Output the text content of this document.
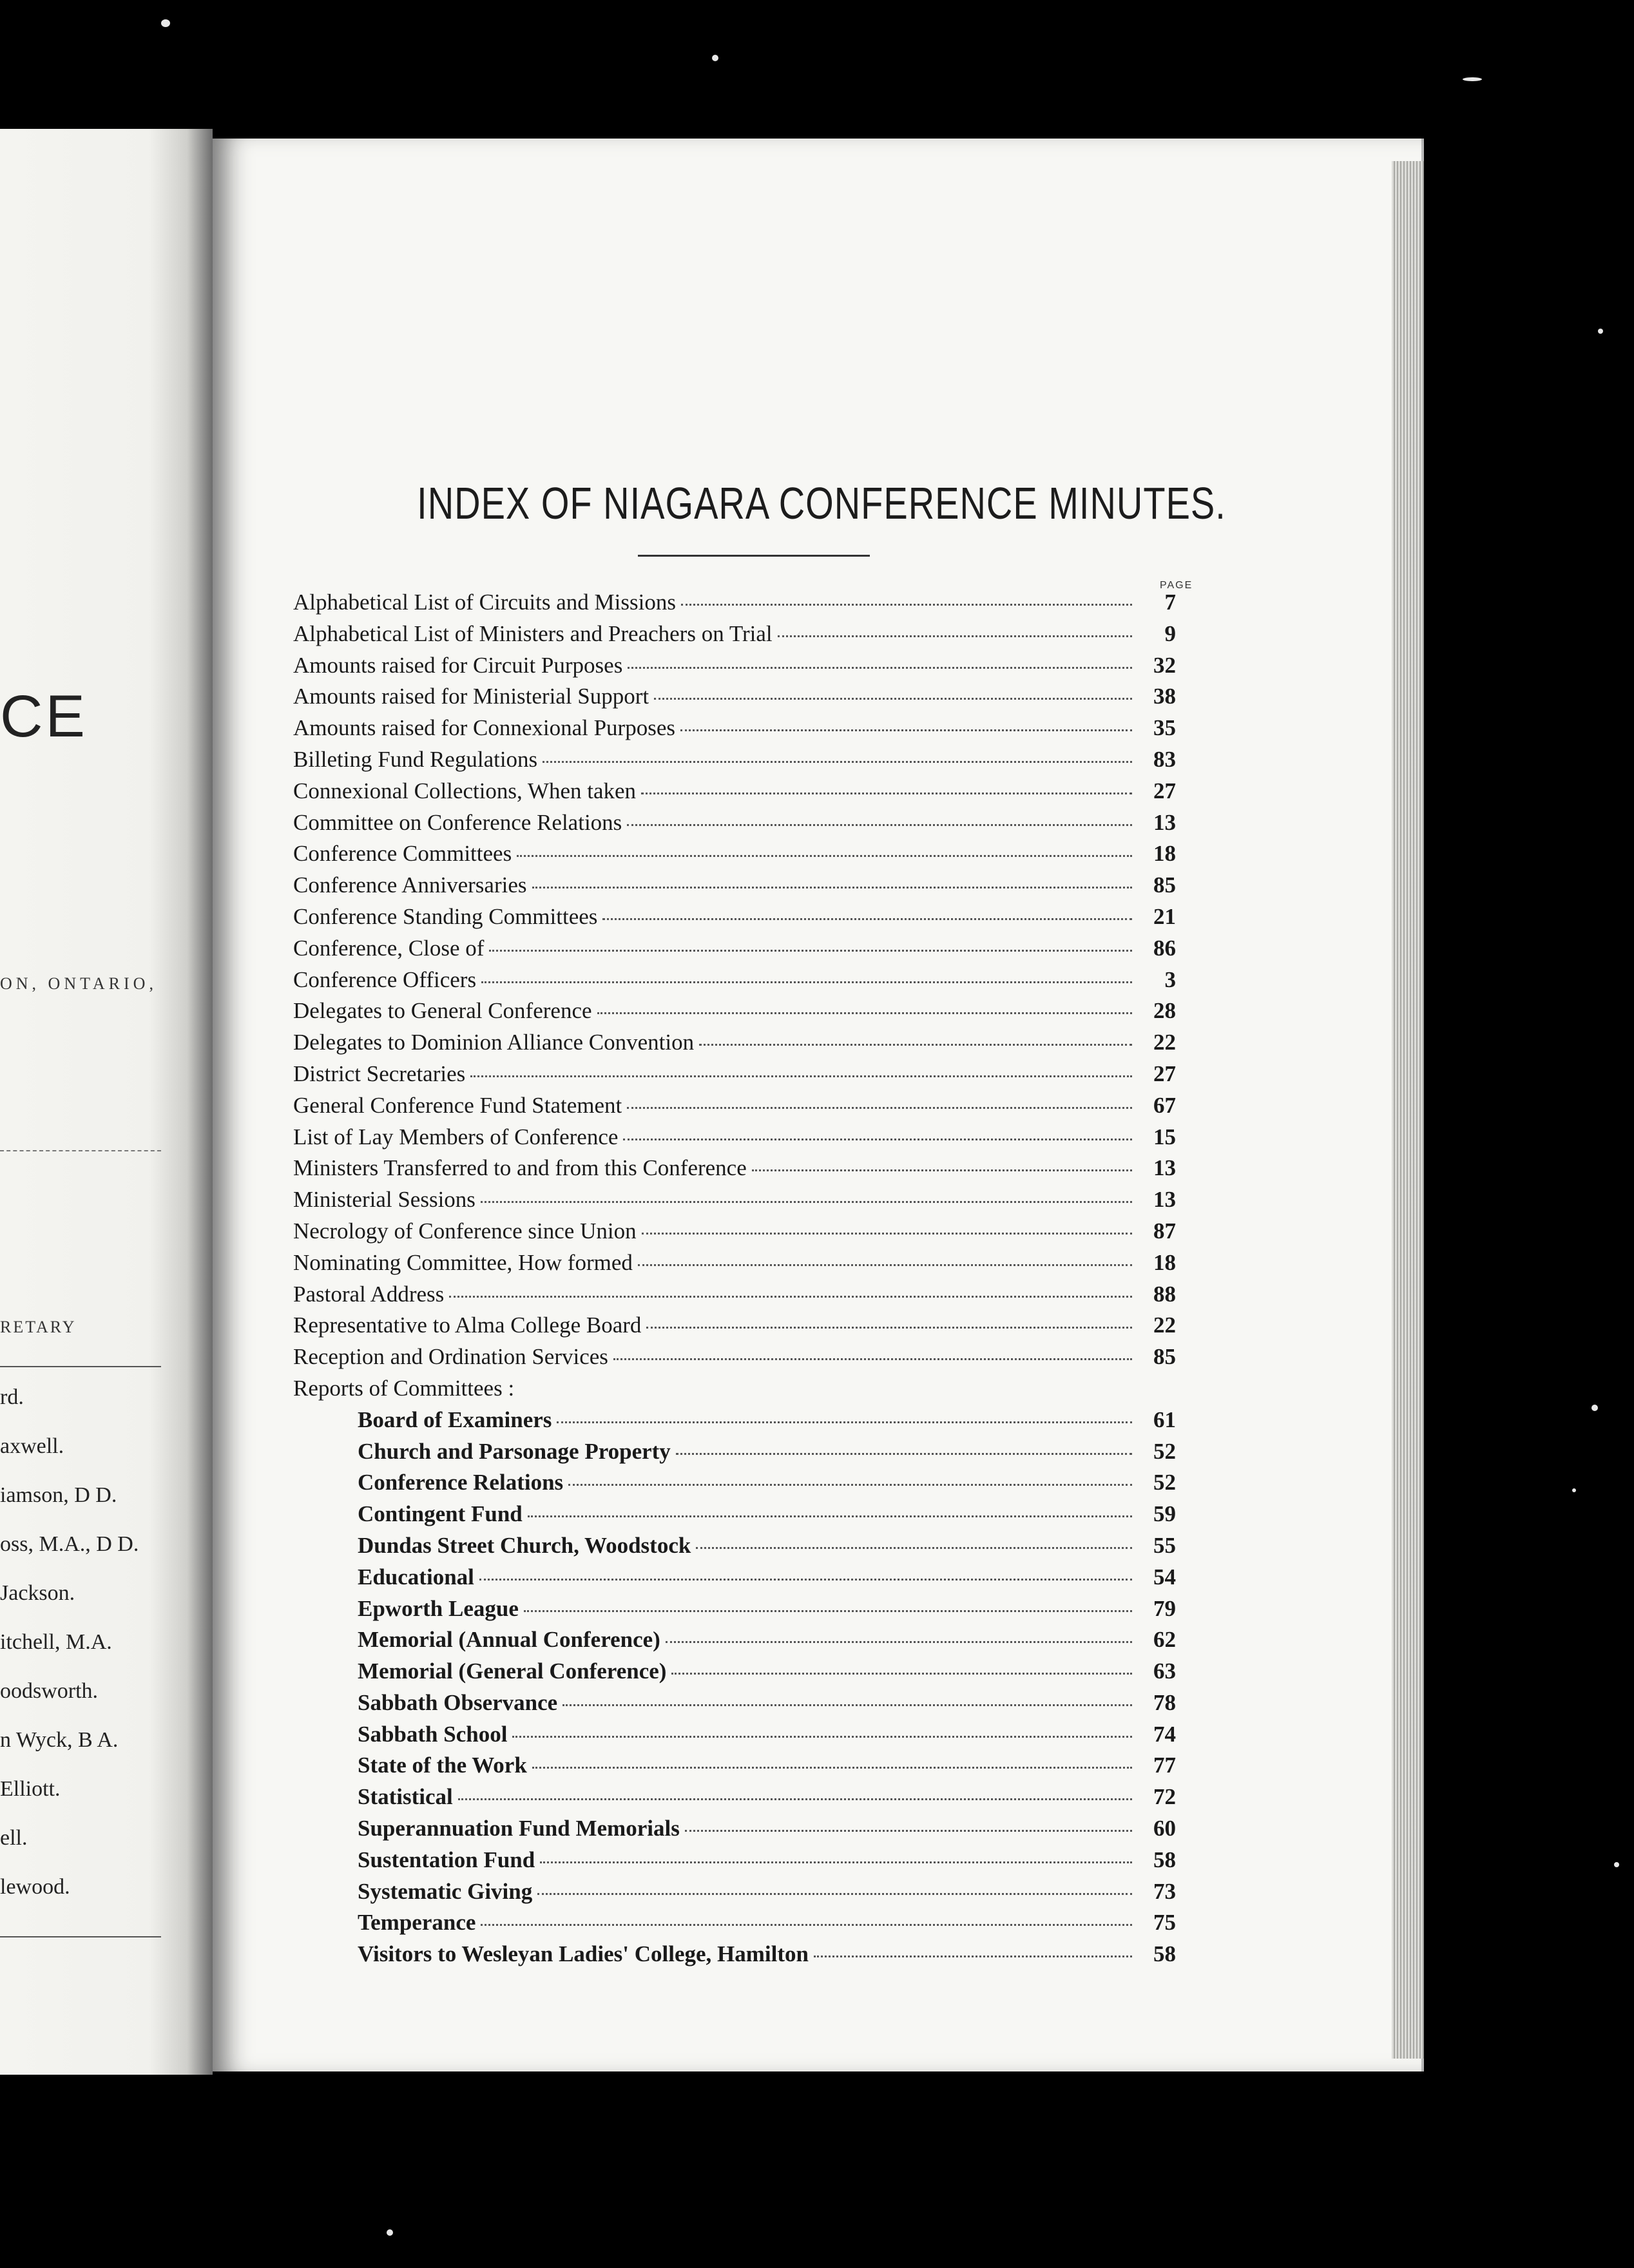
CE
ON, ONTARIO,
RETARY
rd.
axwell.
iamson, D D.
oss, M.A., D D.
Jackson.
itchell, M.A.
oodsworth.
n Wyck, B A.
Elliott.
ell.
lewood.
INDEX OF NIAGARA CONFERENCE MINUTES.
PAGE
Alphabetical List of Circuits and Missions	7
Alphabetical List of Ministers and Preachers on Trial	9
Amounts raised for Circuit Purposes	32
Amounts raised for Ministerial Support	38
Amounts raised for Connexional Purposes	35
Billeting Fund Regulations	83
Connexional Collections, When taken	27
Committee on Conference Relations	13
Conference Committees	18
Conference Anniversaries	85
Conference Standing Committees	21
Conference, Close of	86
Conference Officers	3
Delegates to General Conference	28
Delegates to Dominion Alliance Convention	22
District Secretaries	27
General Conference Fund Statement	67
List of Lay Members of Conference	15
Ministers Transferred to and from this Conference	13
Ministerial Sessions	13
Necrology of Conference since Union	87
Nominating Committee, How formed	18
Pastoral Address	88
Representative to Alma College Board	22
Reception and Ordination Services	85
Reports of Committees :
Board of Examiners	61
Church and Parsonage Property	52
Conference Relations	52
Contingent Fund	59
Dundas Street Church, Woodstock	55
Educational	54
Epworth League	79
Memorial (Annual Conference)	62
Memorial (General Conference)	63
Sabbath Observance	78
Sabbath School	74
State of the Work	77
Statistical	72
Superannuation Fund Memorials	60
Sustentation Fund	58
Systematic Giving	73
Temperance	75
Visitors to Wesleyan Ladies' College, Hamilton	58
